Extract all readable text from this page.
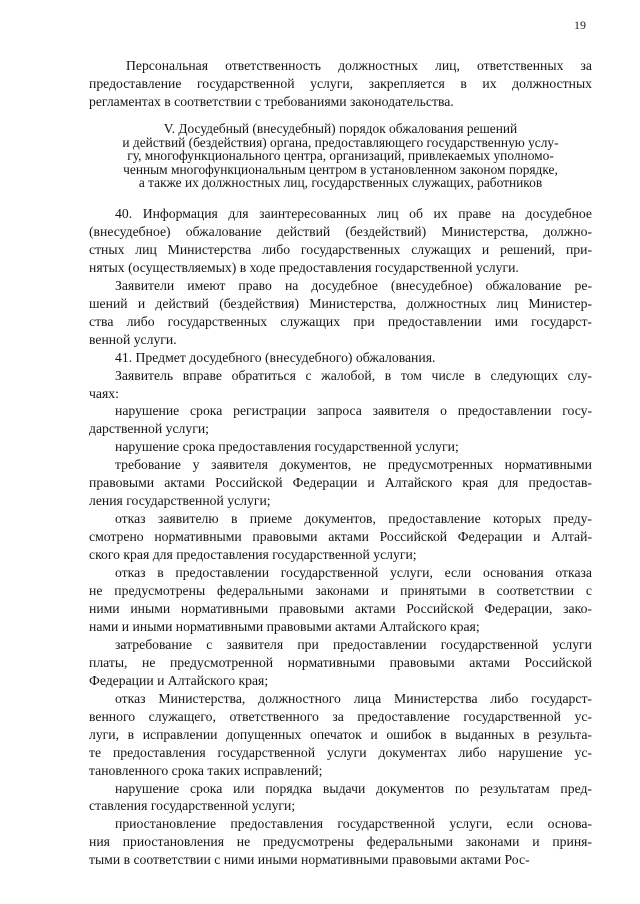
19
Персональная ответственность должностных лиц, ответственных за
предоставление государственной услуги, закрепляется в их должностных
регламентах в соответствии с требованиями законодательства.
V. Досудебный (внесудебный) порядок обжалования решений
и действий (бездействия) органа, предоставляющего государственную услу-
гу, многофункционального центра, организаций, привлекаемых уполномо-
ченным многофункциональным центром в установленном законом порядке,
а также их должностных лиц, государственных служащих, работников
40. Информация для заинтересованных лиц об их праве на досудебное
(внесудебное) обжалование действий (бездействий) Министерства, должно-
стных лиц Министерства либо государственных служащих и решений, при-
нятых (осуществляемых) в ходе предоставления государственной услуги.
Заявители имеют право на досудебное (внесудебное) обжалование ре-
шений и действий (бездействия) Министерства, должностных лиц Министер-
ства либо государственных служащих при предоставлении ими государст-
венной услуги.
41. Предмет досудебного (внесудебного) обжалования.
Заявитель вправе обратиться с жалобой, в том числе в следующих слу-
чаях:
нарушение срока регистрации запроса заявителя о предоставлении госу-
дарственной услуги;
нарушение срока предоставления государственной услуги;
требование у заявителя документов, не предусмотренных нормативными
правовыми актами Российской Федерации и Алтайского края для предостав-
ления государственной услуги;
отказ заявителю в приеме документов, предоставление которых преду-
смотрено нормативными правовыми актами Российской Федерации и Алтай-
ского края для предоставления государственной услуги;
отказ в предоставлении государственной услуги, если основания отказа
не предусмотрены федеральными законами и принятыми в соответствии с
ними иными нормативными правовыми актами Российской Федерации, зако-
нами и иными нормативными правовыми актами Алтайского края;
затребование с заявителя при предоставлении государственной услуги
платы, не предусмотренной нормативными правовыми актами Российской
Федерации и Алтайского края;
отказ Министерства, должностного лица Министерства либо государст-
венного служащего, ответственного за предоставление государственной ус-
луги, в исправлении допущенных опечаток и ошибок в выданных в результа-
те предоставления государственной услуги документах либо нарушение ус-
тановленного срока таких исправлений;
нарушение срока или порядка выдачи документов по результатам пред-
ставления государственной услуги;
приостановление предоставления государственной услуги, если основа-
ния приостановления не предусмотрены федеральными законами и приня-
тыми в соответствии с ними иными нормативными правовыми актами Рос-
